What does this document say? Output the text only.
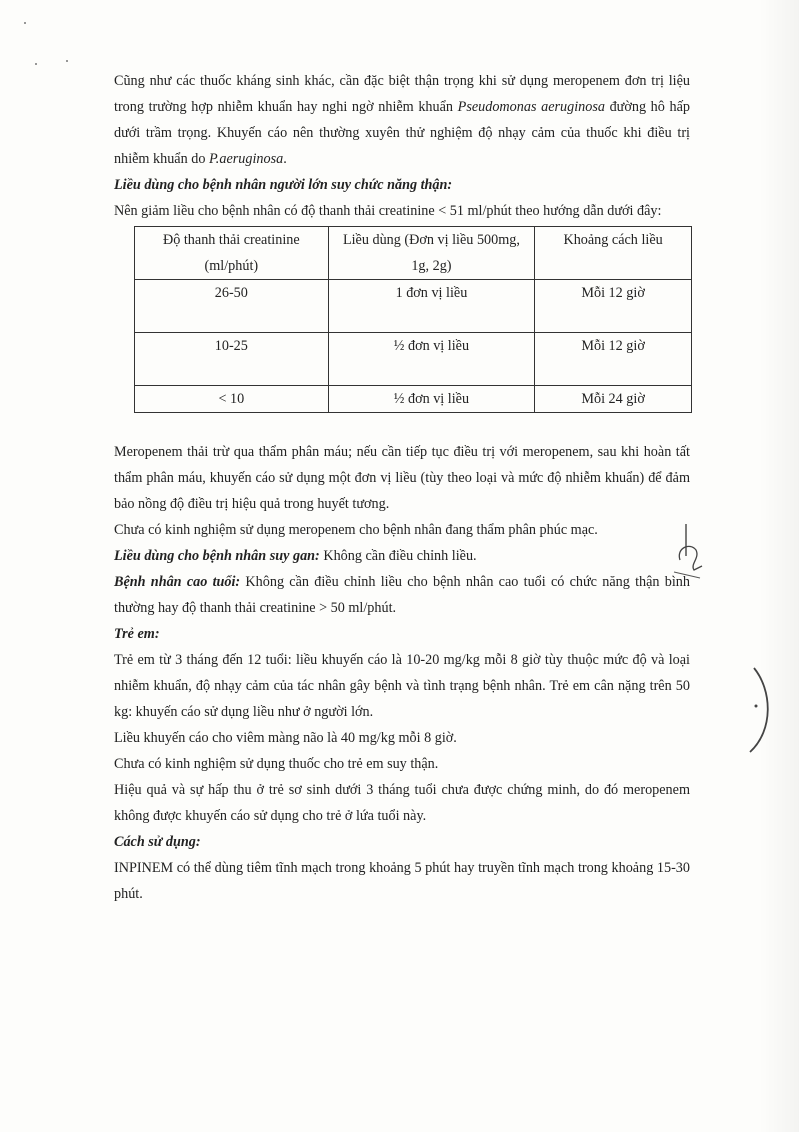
Cũng như các thuốc kháng sinh khác, cần đặc biệt thận trọng khi sử dụng meropenem đơn trị liệu trong trường hợp nhiễm khuẩn hay nghi ngờ nhiễm khuẩn Pseudomonas aeruginosa đường hô hấp dưới trầm trọng. Khuyến cáo nên thường xuyên thử nghiệm độ nhạy cảm của thuốc khi điều trị nhiễm khuẩn do P.aeruginosa.

Liều dùng cho bệnh nhân người lớn suy chức năng thận:

Nên giảm liều cho bệnh nhân có độ thanh thải creatinine < 51 ml/phút theo hướng dẫn dưới đây:

Độ thanh thải creatinine (ml/phút)	Liều dùng (Đơn vị liều 500mg, 1g, 2g)	Khoảng cách liều
26-50	1 đơn vị liều	Mỗi 12 giờ
10-25	½ đơn vị liều	Mỗi 12 giờ
< 10	½ đơn vị liều	Mỗi 24 giờ

Meropenem thải trừ qua thẩm phân máu; nếu cần tiếp tục điều trị với meropenem, sau khi hoàn tất thẩm phân máu, khuyến cáo sử dụng một đơn vị liều (tùy theo loại và mức độ nhiễm khuẩn) để đảm bảo nồng độ điều trị hiệu quả trong huyết tương.

Chưa có kinh nghiệm sử dụng meropenem cho bệnh nhân đang thẩm phân phúc mạc.

Liều dùng cho bệnh nhân suy gan: Không cần điều chỉnh liều.

Bệnh nhân cao tuổi: Không cần điều chỉnh liều cho bệnh nhân cao tuổi có chức năng thận bình thường hay độ thanh thải creatinine > 50 ml/phút.

Trẻ em:

Trẻ em từ 3 tháng đến 12 tuổi: liều khuyến cáo là 10-20 mg/kg mỗi 8 giờ tùy thuộc mức độ và loại nhiễm khuẩn, độ nhạy cảm của tác nhân gây bệnh và tình trạng bệnh nhân. Trẻ em cân nặng trên 50 kg: khuyến cáo sử dụng liều như ở người lớn.

Liều khuyến cáo cho viêm màng não là 40 mg/kg mỗi 8 giờ.

Chưa có kinh nghiệm sử dụng thuốc cho trẻ em suy thận.

Hiệu quả và sự hấp thu ở trẻ sơ sinh dưới 3 tháng tuổi chưa được chứng minh, do đó meropenem không được khuyến cáo sử dụng cho trẻ ở lứa tuổi này.

Cách sử dụng:

INPINEM có thể dùng tiêm tĩnh mạch trong khoảng 5 phút hay truyền tĩnh mạch trong khoảng 15-30 phút.
